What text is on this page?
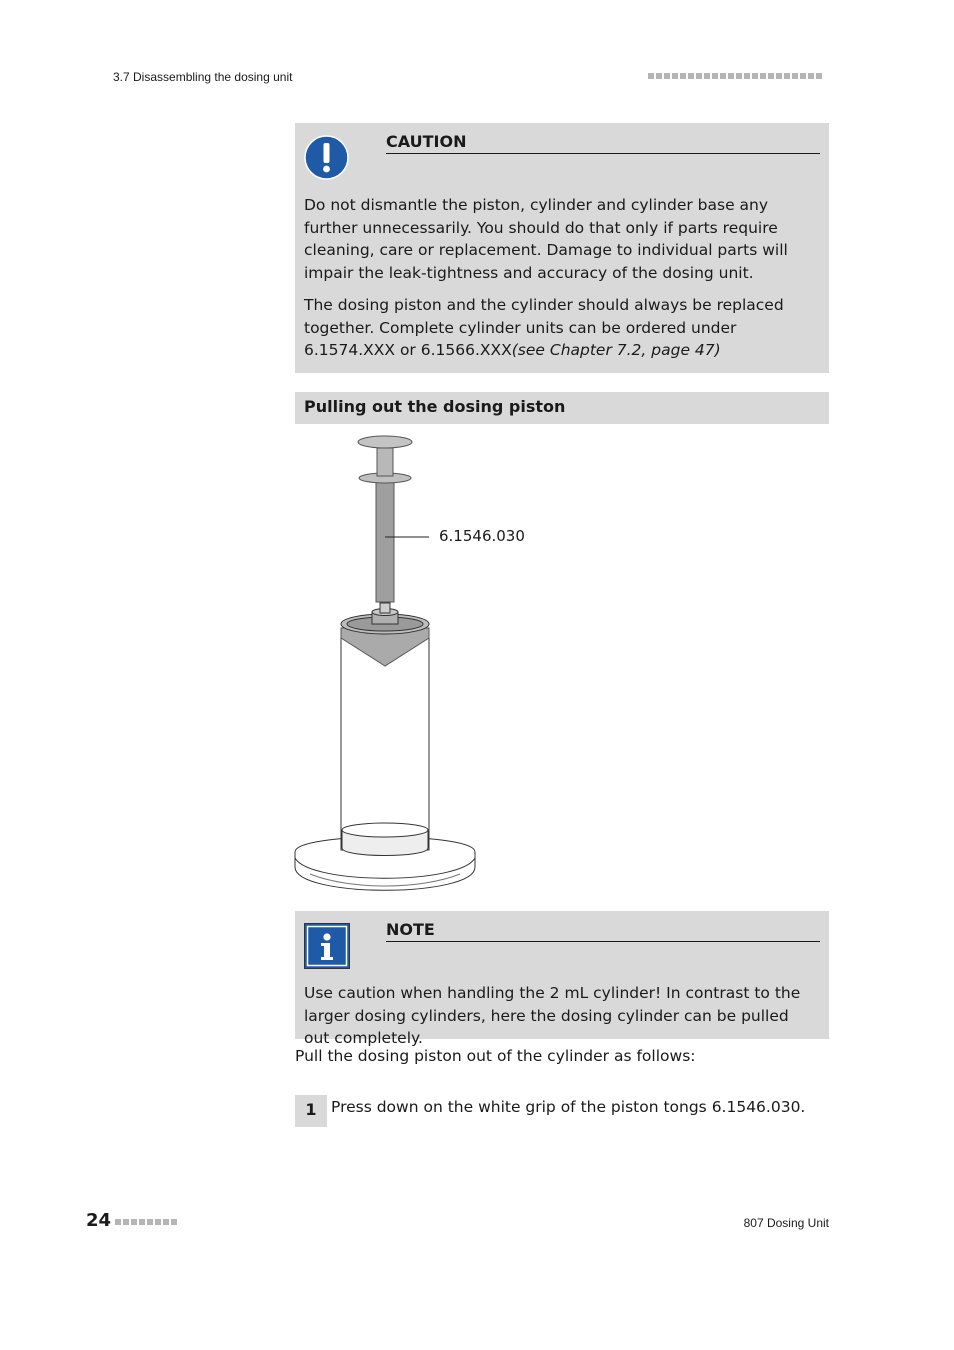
3.7 Disassembling the dosing unit
CAUTION

Do not dismantle the piston, cylinder and cylinder base any further unnecessarily. You should do that only if parts require cleaning, care or replacement. Damage to individual parts will impair the leak-tightness and accuracy of the dosing unit.

The dosing piston and the cylinder should always be replaced together. Complete cylinder units can be ordered under 6.1574.XXX or 6.1566.XXX(see Chapter 7.2, page 47)

Pulling out the dosing piston
6.1546.030
NOTE
Use caution when handling the 2 mL cylinder! In contrast to the larger dosing cylinders, here the dosing cylinder can be pulled out completely.
Pull the dosing piston out of the cylinder as follows:
1 Press down on the white grip of the piston tongs 6.1546.030.
24	807 Dosing Unit
